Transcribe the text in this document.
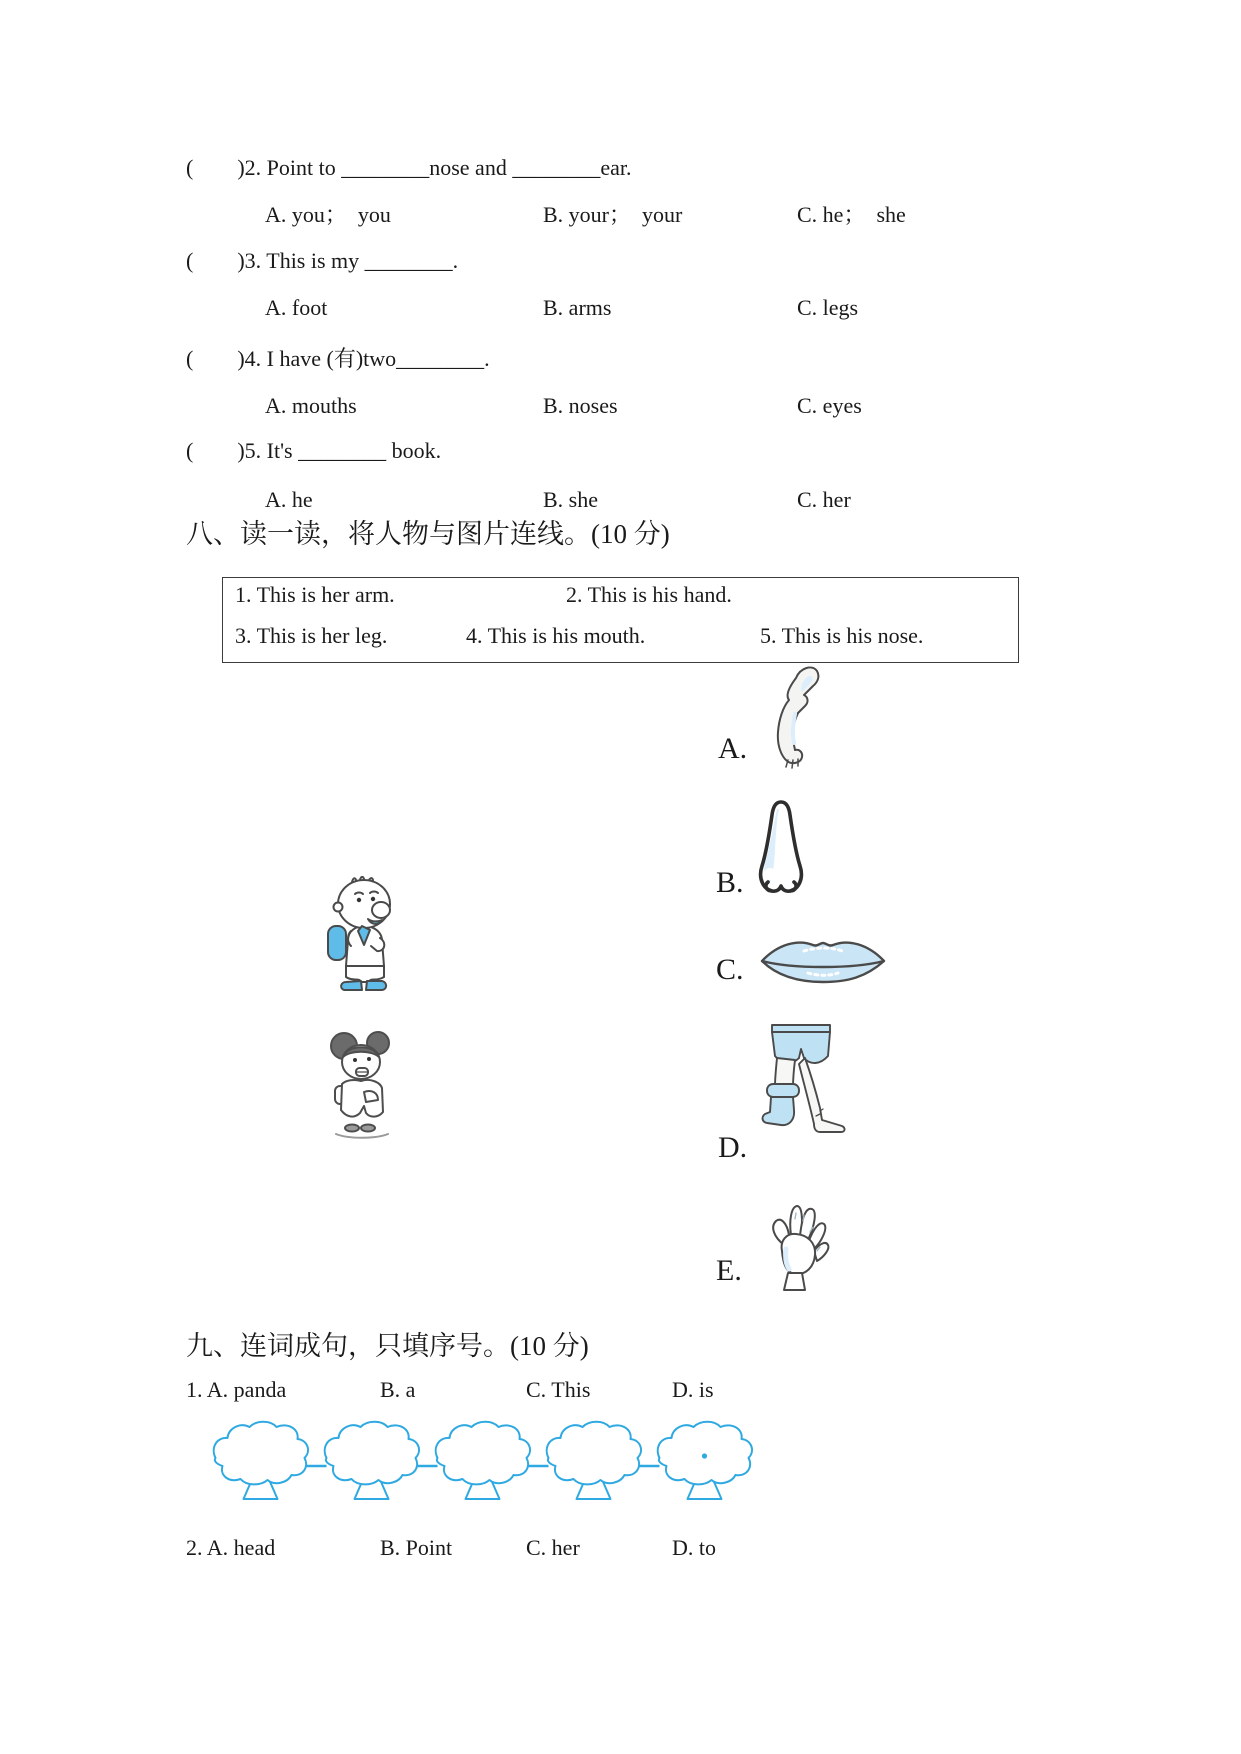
(　　)2. Point to ________nose and ________ear.
A. you；  you	B. your；  your	C. he；  she
(　　)3. This is my ________.
A. foot	B. arms	C. legs
(　　)4. I have (有)two________.
A. mouths	B. noses	C. eyes
(　　)5. It's ________ book.
A. he	B. she	C. her
八、读一读，将人物与图片连线。(10 分)
1. This is her arm.	2. This is his hand.
3. This is her leg.	4. This is his mouth.	5. This is his nose.
A.
B.
C.
D.
E.
九、连词成句，只填序号。(10 分)
1. A. panda	B. a	C. This	D. is
2. A. head	B. Point	C. her	D. to
